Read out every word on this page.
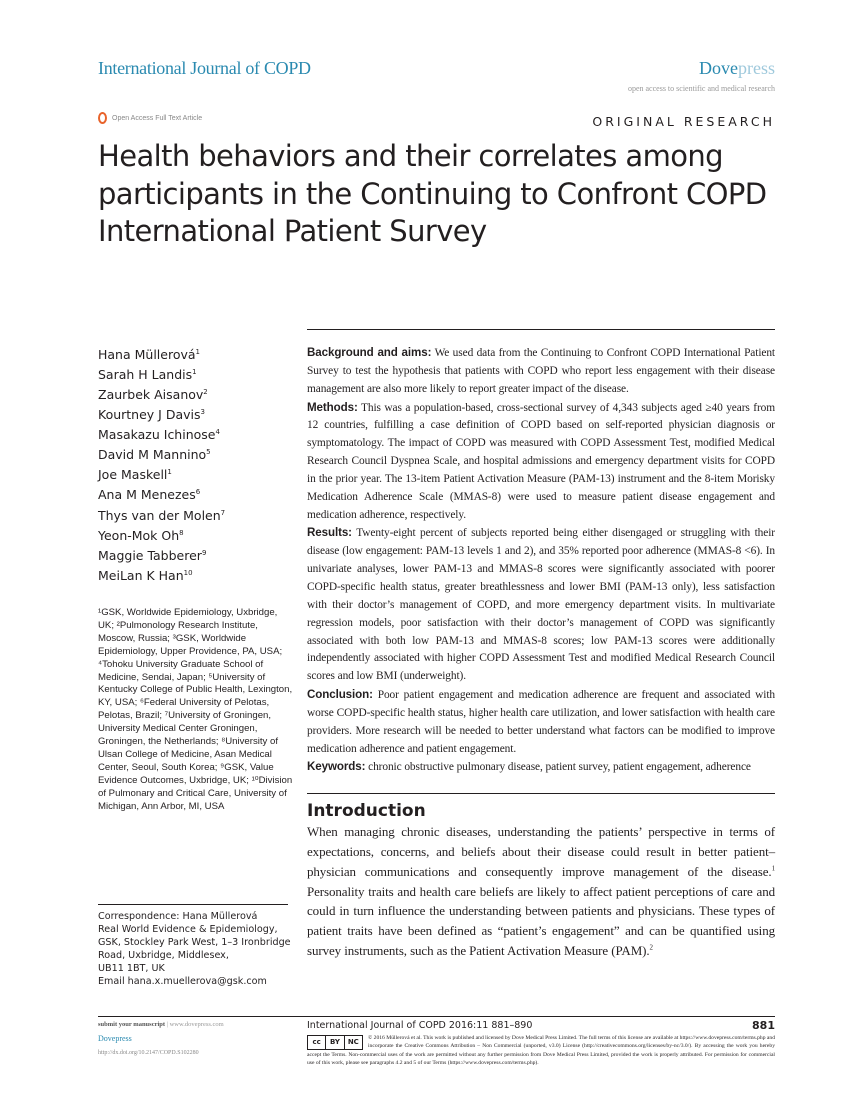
International Journal of COPD	Dovepress
open access to scientific and medical research
Open Access Full Text Article	ORIGINAL RESEARCH
Health behaviors and their correlates among participants in the Continuing to Confront COPD International Patient Survey
Hana Müllerová$^1$
Sarah H Landis$^1$
Zaurbek Aisanov$^2$
Kourtney J Davis$^3$
Masakazu Ichinose$^4$
David M Mannino$^5$
Joe Maskell$^1$
Ana M Menezes$^6$
Thys van der Molen$^7$
Yeon-Mok Oh$^8$
Maggie Tabberer$^9$
MeiLan K Han$^{10}$
¹GSK, Worldwide Epidemiology, Uxbridge, UK; ²Pulmonology Research Institute, Moscow, Russia; ³GSK, Worldwide Epidemiology, Upper Providence, PA, USA; ⁴Tohoku University Graduate School of Medicine, Sendai, Japan; ⁵University of Kentucky College of Public Health, Lexington, KY, USA; ⁶Federal University of Pelotas, Pelotas, Brazil; ⁷University of Groningen, University Medical Center Groningen, Groningen, the Netherlands; ⁸University of Ulsan College of Medicine, Asan Medical Center, Seoul, South Korea; ⁹GSK, Value Evidence Outcomes, Uxbridge, UK; ¹⁰Division of Pulmonary and Critical Care, University of Michigan, Ann Arbor, MI, USA
Correspondence: Hana Müllerová
Real World Evidence & Epidemiology,
GSK, Stockley Park West, 1–3 Ironbridge
Road, Uxbridge, Middlesex,
UB11 1BT, UK
Email hana.x.muellerova@gsk.com

Background and aims: We used data from the Continuing to Confront COPD International Patient Survey to test the hypothesis that patients with COPD who report less engagement with their disease management are also more likely to report greater impact of the disease.

Methods: This was a population-based, cross-sectional survey of 4,343 subjects aged ≥40 years from 12 countries, fulfilling a case definition of COPD based on self-reported physician diagnosis or symptomatology. The impact of COPD was measured with COPD Assessment Test, modified Medical Research Council Dyspnea Scale, and hospital admissions and emergency department visits for COPD in the prior year. The 13-item Patient Activation Measure (PAM-13) instrument and the 8-item Morisky Medication Adherence Scale (MMAS-8) were used to measure patient disease engagement and medication adherence, respectively.

Results: Twenty-eight percent of subjects reported being either disengaged or struggling with their disease (low engagement: PAM-13 levels 1 and 2), and 35% reported poor adherence (MMAS-8 <6). In univariate analyses, lower PAM-13 and MMAS-8 scores were significantly associated with poorer COPD-specific health status, greater breathlessness and lower BMI (PAM-13 only), less satisfaction with their doctor’s management of COPD, and more emergency department visits. In multivariate regression models, poor satisfaction with their doctor’s management of COPD was significantly associated with both low PAM-13 and MMAS-8 scores; low PAM-13 scores were additionally independently associated with higher COPD Assessment Test and modified Medical Research Council scores and low BMI (underweight).

Conclusion: Poor patient engagement and medication adherence are frequent and associated with worse COPD-specific health status, higher health care utilization, and lower satisfaction with health care providers. More research will be needed to better understand what factors can be modified to improve medication adherence and patient engagement.

Keywords: chronic obstructive pulmonary disease, patient survey, patient engagement, adherence

Introduction

When managing chronic diseases, understanding the patients’ perspective in terms of expectations, concerns, and beliefs about their disease could result in better patient–physician communications and consequently improve management of the disease.$^1$ Personality traits and health care beliefs are likely to affect patient perceptions of care and could in turn influence the understanding between patients and physicians. These types of patient traits have been defined as “patient’s engagement” and can be quantified using survey instruments, such as the Patient Activation Measure (PAM).$^2$

submit your manuscript | www.dovepress.com
Dovepress
http://dx.doi.org/10.2147/COPD.S102280
International Journal of COPD 2016:11 881–890	881
cc	BY	NC	© 2016 Müllerová et al. This work is published and licensed by Dove Medical Press Limited. The full terms of this license are available at https://www.dovepress.com/terms.php and incorporate the Creative Commons Attribution – Non Commercial (unported, v3.0) License (http://creativecommons.org/licenses/by-nc/3.0/). By accessing the work you hereby accept the Terms. Non-commercial uses of the work are permitted without any further permission from Dove Medical Press Limited, provided the work is properly attributed. For permission for commercial use of this work, please see paragraphs 4.2 and 5 of our Terms (https://www.dovepress.com/terms.php).
